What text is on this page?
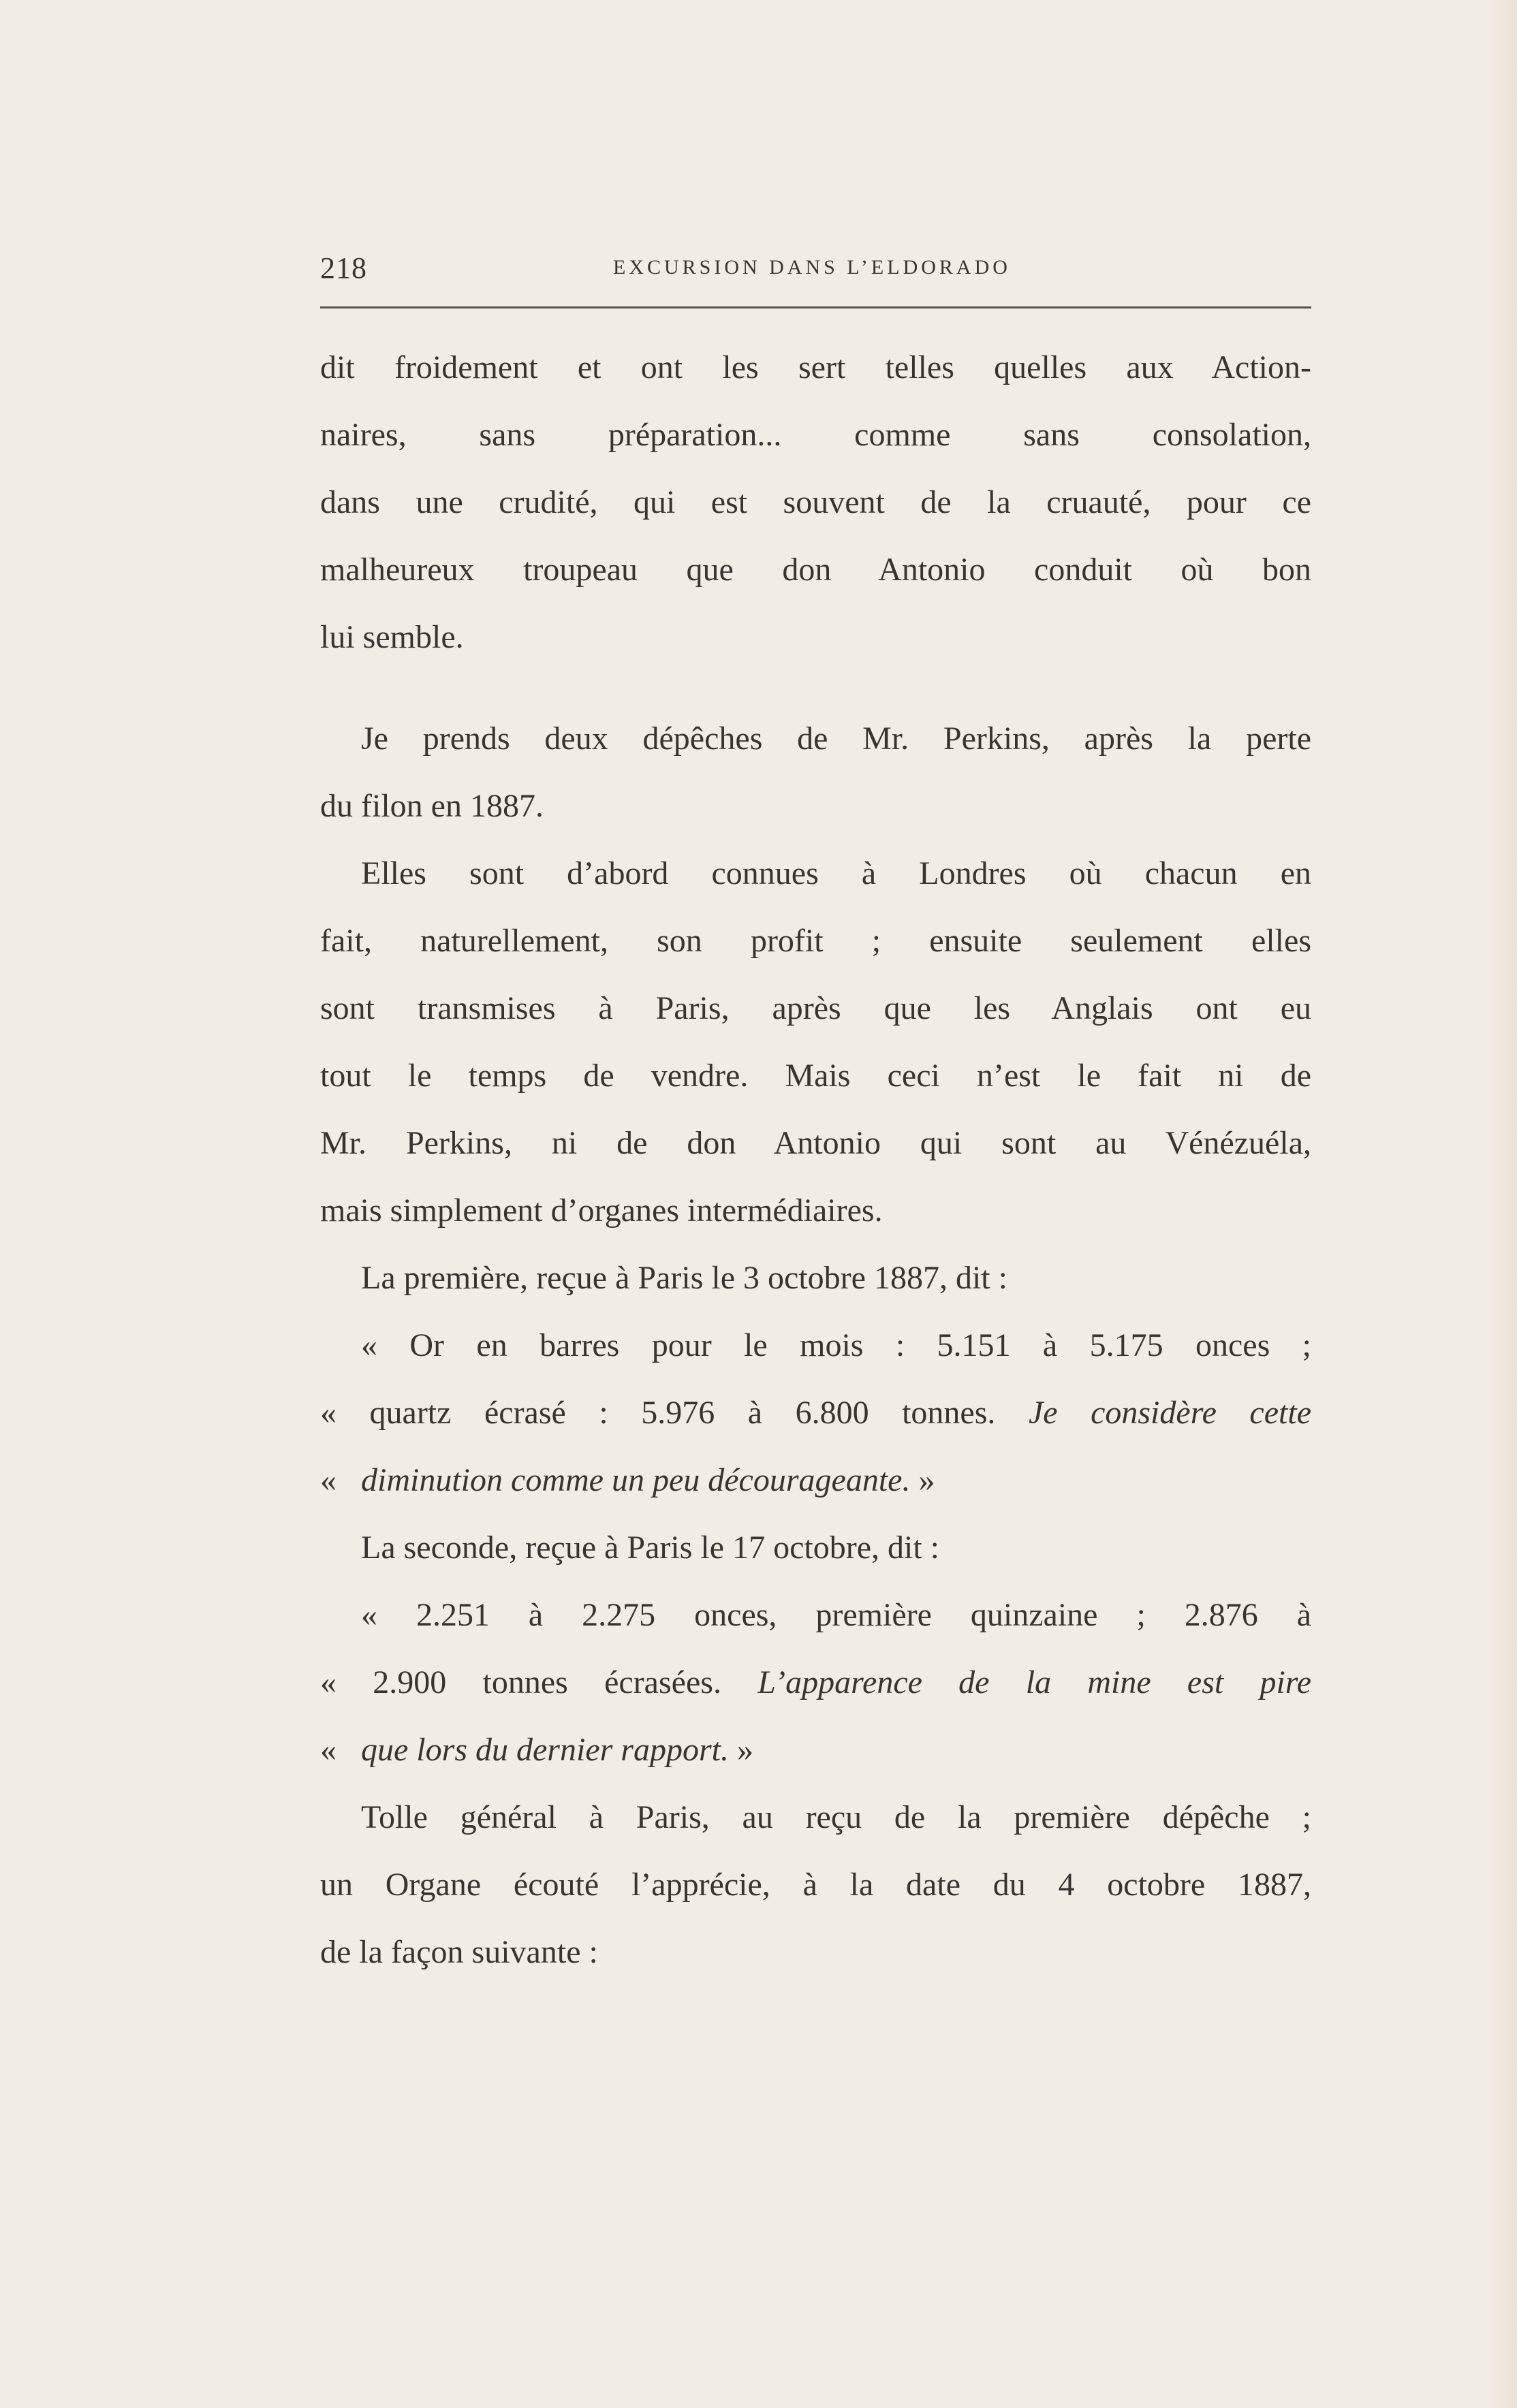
218	EXCURSION DANS L’ELDORADO
dit froidement et ont les sert telles quelles aux Action-
naires, sans préparation... comme sans consolation,
dans une crudité, qui est souvent de la cruauté, pour ce
malheureux troupeau que don Antonio conduit où bon
lui semble.
Je prends deux dépêches de Mr. Perkins, après la perte
du filon en 1887.
Elles sont d’abord connues à Londres où chacun en
fait, naturellement, son profit ; ensuite seulement elles
sont transmises à Paris, après que les Anglais ont eu
tout le temps de vendre. Mais ceci n’est le fait ni de
Mr. Perkins, ni de don Antonio qui sont au Vénézuéla,
mais simplement d’organes intermédiaires.
La première, reçue à Paris le 3 octobre 1887, dit :
« Or en barres pour le mois : 5.151 à 5.175 onces ;
« quartz écrasé : 5.976 à 6.800 tonnes. Je considère cette
« diminution comme un peu décourageante. »
La seconde, reçue à Paris le 17 octobre, dit :
« 2.251 à 2.275 onces, première quinzaine ; 2.876 à
« 2.900 tonnes écrasées. L’apparence de la mine est pire
« que lors du dernier rapport. »
Tolle général à Paris, au reçu de la première dépêche ;
un Organe écouté l’apprécie, à la date du 4 octobre 1887,
de la façon suivante :
